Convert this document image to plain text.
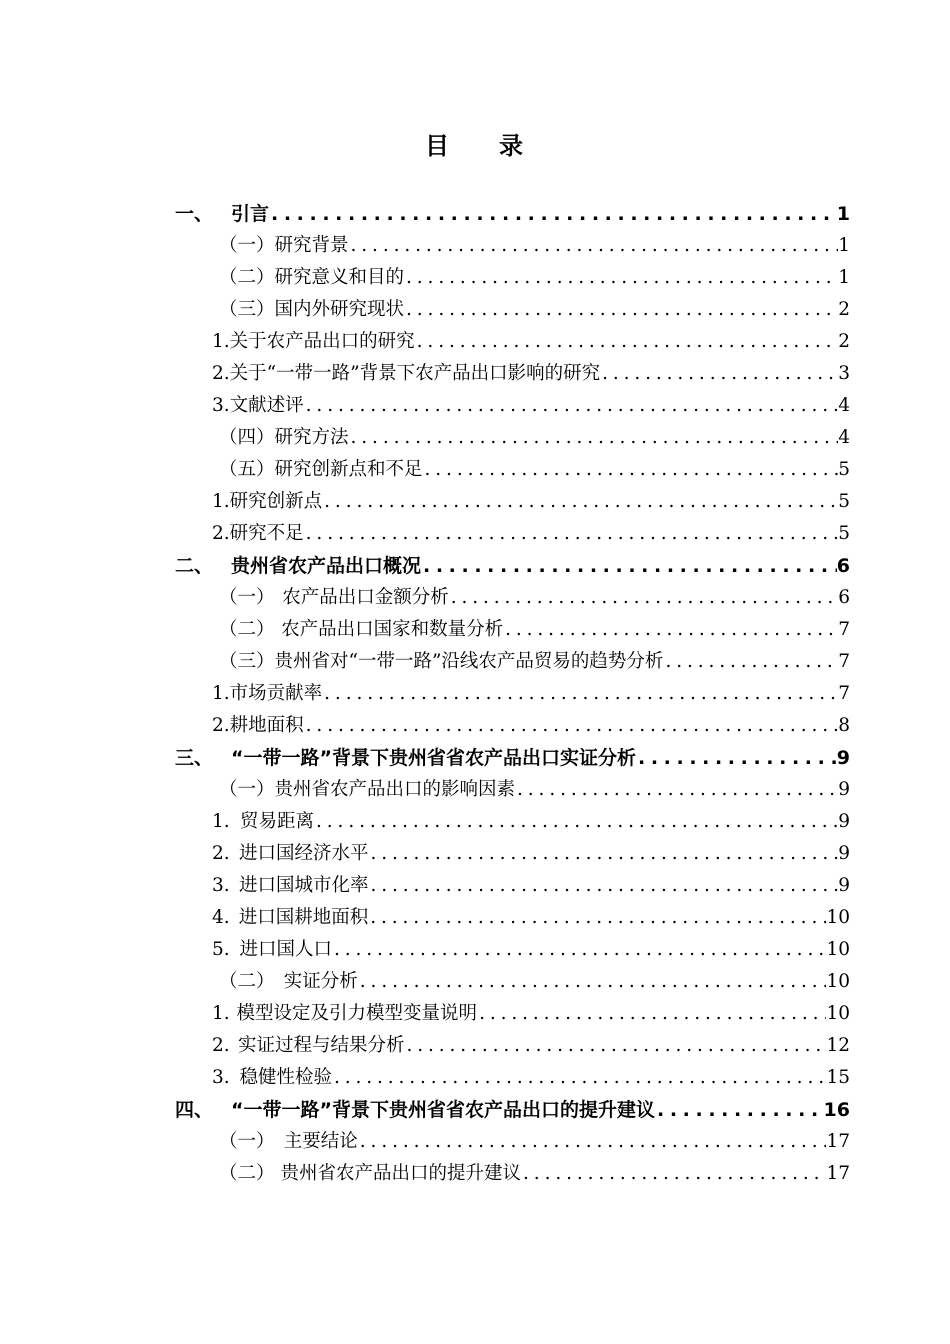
目 录
一、 引言 . . .	1
（一） 研究背景 . . .	1
（二） 研究意义和目的 . . .	1
（三） 国内外研究现状 . . .	2
1. 关于农产品出口的研究 . . .	2
2. 关于“一带一路”背景下农产品出口影响的研究 . . .	3
3. 文献述评 . . .	4
（四） 研究方法 . . .	4
（五） 研究创新点和不足 . . .	5
1. 研究创新点 . . .	5
2. 研究不足 . . .	5
二、 贵州省农产品出口概况 . . .	6
（一） 农产品出口金额分析 . . .	6
（二） 农产品出口国家和数量分析 . . .	7
（三） 贵州省对“一带一路”沿线农产品贸易的趋势分析 . . .	7
1. 市场贡献率 . . .	7
2. 耕地面积 . . .	8
三、 “一带一路”背景下贵州省省农产品出口实证分析 . . .	9
（一） 贵州省农产品出口的影响因素 . . .	9
1. 贸易距离 . . .	9
2. 进口国经济水平 . . .	9
3. 进口国城市化率 . . .	9
4. 进口国耕地面积 . . .	10
5. 进口国人口 . . .	10
（二） 实证分析 . . .	10
1. 模型设定及引力模型变量说明 . . .	10
2. 实证过程与结果分析 . . .	12
3. 稳健性检验 . . .	15
四、 “一带一路”背景下贵州省省农产品出口的提升建议 . . .	16
（一） 主要结论 . . .	17
（二） 贵州省农产品出口的提升建议 . . .	17
